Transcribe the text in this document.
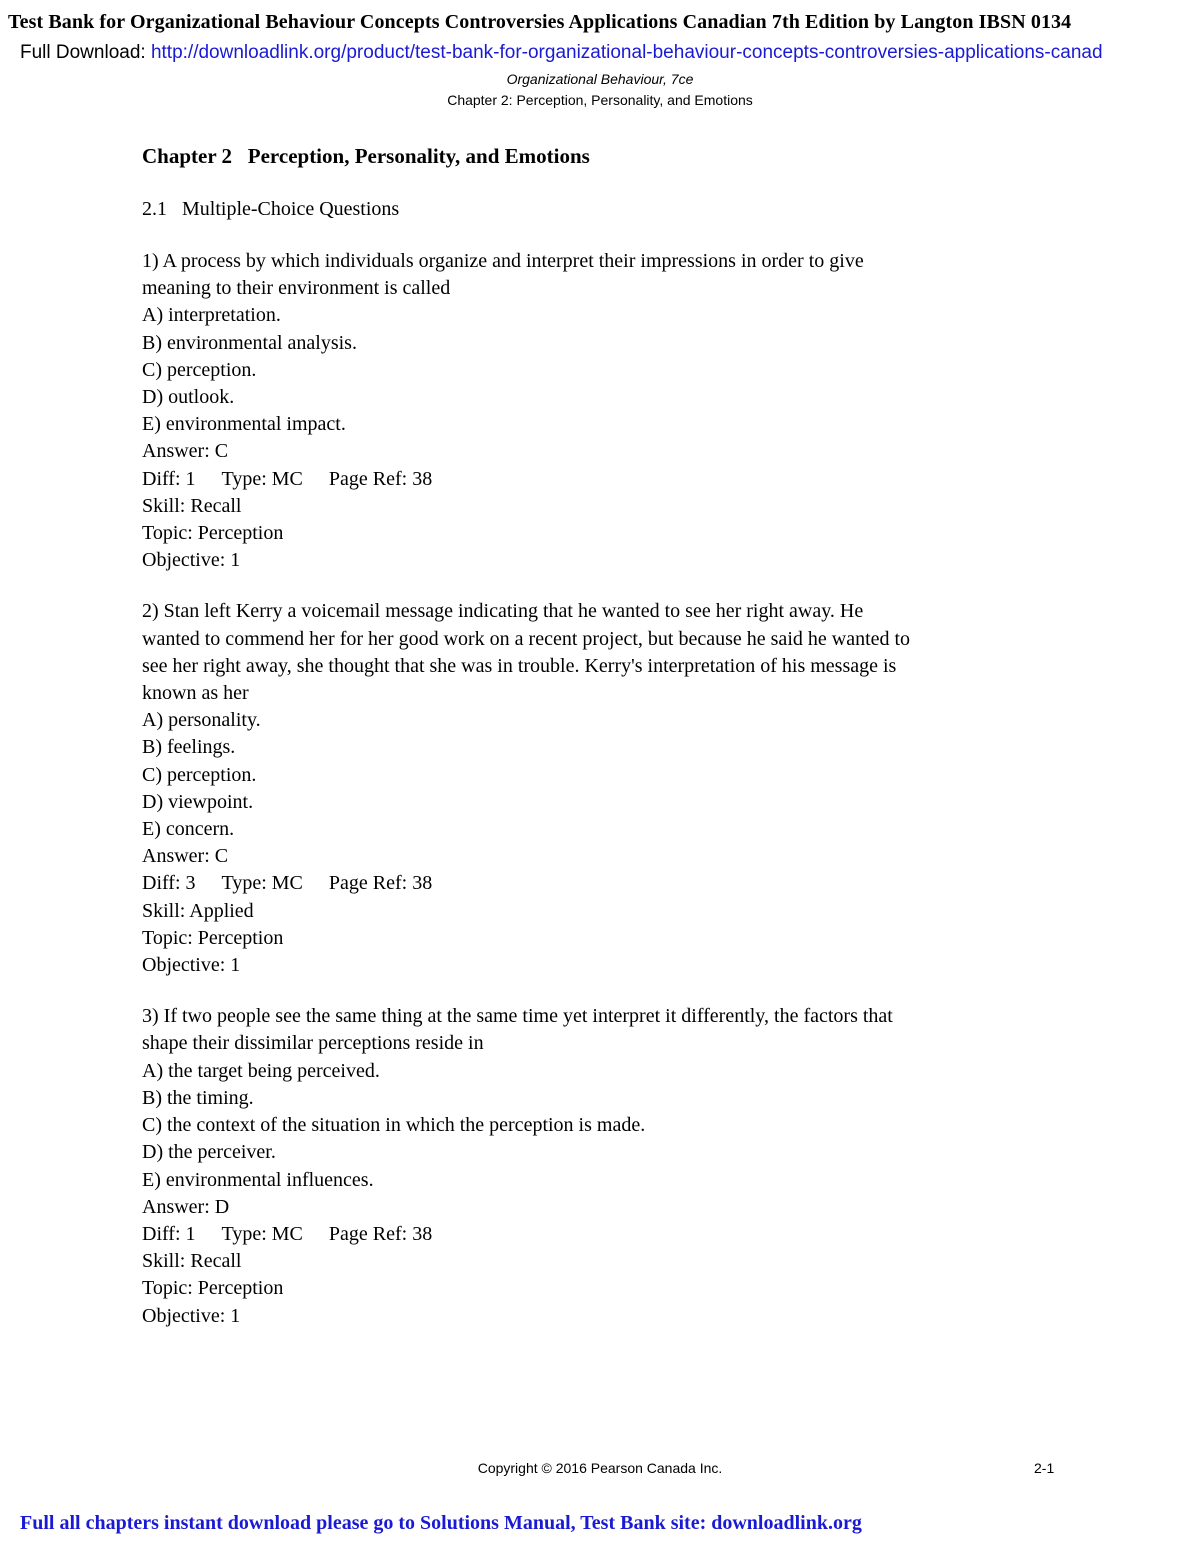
Test Bank for Organizational Behaviour Concepts Controversies Applications Canadian 7th Edition by Langton IBSN 0134
Full Download: http://downloadlink.org/product/test-bank-for-organizational-behaviour-concepts-controversies-applications-canad
Organizational Behaviour, 7ce
Chapter 2: Perception, Personality, and Emotions
Chapter 2   Perception, Personality, and Emotions
2.1   Multiple-Choice Questions
1) A process by which individuals organize and interpret their impressions in order to give
meaning to their environment is called
A) interpretation.
B) environmental analysis.
C) perception.
D) outlook.
E) environmental impact.
Answer: C
Diff: 1 Type: MC Page Ref: 38
Skill: Recall
Topic: Perception
Objective: 1
2) Stan left Kerry a voicemail message indicating that he wanted to see her right away. He
wanted to commend her for her good work on a recent project, but because he said he wanted to
see her right away, she thought that she was in trouble. Kerry's interpretation of his message is
known as her
A) personality.
B) feelings.
C) perception.
D) viewpoint.
E) concern.
Answer: C
Diff: 3 Type: MC Page Ref: 38
Skill: Applied
Topic: Perception
Objective: 1
3) If two people see the same thing at the same time yet interpret it differently, the factors that
shape their dissimilar perceptions reside in
A) the target being perceived.
B) the timing.
C) the context of the situation in which the perception is made.
D) the perceiver.
E) environmental influences.
Answer: D
Diff: 1 Type: MC Page Ref: 38
Skill: Recall
Topic: Perception
Objective: 1
Copyright © 2016 Pearson Canada Inc.	2-1
Full all chapters instant download please go to Solutions Manual, Test Bank site: downloadlink.org
